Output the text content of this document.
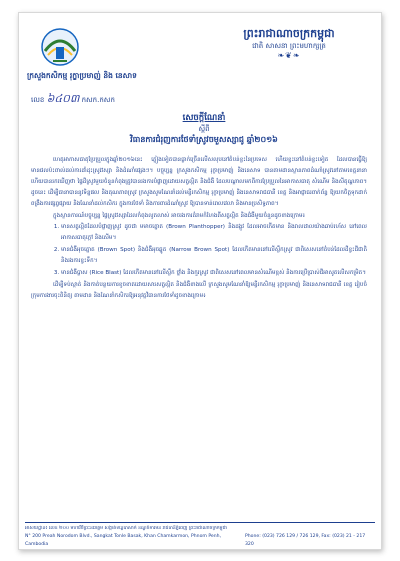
ព្រះរាជាណាចក្រកម្ពុជា
ជាតិ សាសនា ព្រះមហាក្សត្រ
❧❦❧
ក្រសួងកសិកម្ម រុក្ខាប្រមាញ់ និង នេសាទ
លេខ ៦៤០៣ កសក.កសក
សេចក្តីណែនាំ
ស្តីពី
វិធានការជំរុញការថែទាំស្រូវចមួសស្សាជូ ឆ្នាំ២០១៦

ហេតុអាកាសធាតុប្រែប្រួលក្នុងឆ្នាំ២០១៦នេះ ភ្លៀងទៀតបានធ្លាក់ច្រើនលើសលុបនៅតំបន់ខ្លះនៃប្រទេស ហើយខ្វះនៅតំបន់ខ្លះទៀត ដែលបានធ្វើឱ្យមានផលប៉ះពាល់ដល់ការដាំដុះស្រូវវស្សា និងដំណាំផ្សេងៗ។ បច្ចុប្បន្ន ក្រសួងកសិកម្ម រុក្ខាប្រមាញ់ និងនេសាទ បានតាមដានស្ថានភាពដំណាំស្រូវនៅតាមខេត្តនានា ហើយបានរកឃើញថា ផ្ទៃដីស្រូវមួយចំនួនកំពុងត្រូវបានរងការបំផ្លាញដោយសត្វល្អិត និងជំងឺ ដែលបណ្តាលមកពីការប្រែប្រួលនៃអាកាសធាតុ សំណើម និងសីតុណ្ហភាព។ ដូចនេះ ដើម្បីធានាបាននូវទិន្នផល និងគុណភាពស្រូវ ក្រសួងសូមណែនាំដល់មន្ទីរកសិកម្ម រុក្ខាប្រមាញ់ និងនេសាទរាជធានី ខេត្ត និងអាជ្ញាធរពាក់ព័ន្ធ ឱ្យយកចិត្តទុកដាក់ ពង្រឹងការផ្សព្វផ្សាយ និងណែនាំដល់កសិករ ក្នុងការថែទាំ និងការពារដំណាំស្រូវ ឱ្យបានទាន់ពេលវេលា និងមានប្រសិទ្ធភាព។

ក្នុងស្ថានការណ៍បច្ចុប្បន្ន ផ្ទៃស្រូវវស្សាដែលកំពុងលូតលាស់ អាចរងការគំរាមកំហែងពីសត្វល្អិត និងជំងឺមួយចំនួនដូចខាងក្រោម៖

1. មានសត្វល្អិតដែលបំផ្លាញស្រូវ ដូចជា មមាចត្នោត (Brown Planthopper) និងដង្កូវ ដែលអាចកើតមាន និងរាលដាលយ៉ាងឆាប់រហ័ស នៅពេលអាកាសធាតុក្តៅ និងសើម។
2. មានជំងឺអុចត្នោត (Brown Spot) និងជំងឺអុចឆ្នូត (Narrow Brown Spot) ដែលកើតមាននៅលើស្លឹកស្រូវ ជាពិសេសនៅតំបន់ដែលដីខ្វះជីជាតិ និងរងការខ្វះទឹក។
3. មានជំងឺប្លាស (Rice Blast) ដែលកើតមាននៅលើស្លឹក ថ្នាំង និងកួរស្រូវ ជាពិសេសនៅពេលមានសំណើមខ្ពស់ និងការប្រើប្រាស់ជីអាសូតលើសកម្រិត។

ដើម្បីទប់ស្កាត់ និងកាត់បន្ថយការខូចខាតដោយសារសត្វល្អិត និងជំងឺខាងលើ ក្រសួងសូមណែនាំឱ្យមន្ទីរកសិកម្ម រុក្ខាប្រមាញ់ និងនេសាទរាជធានី ខេត្ត រៀបចំក្រុមការងារចុះពិនិត្យ តាមដាន និងណែនាំកសិករឱ្យអនុវត្តវិធានការថែទាំដូចខាងក្រោម៖

អាសយដ្ឋាន៖ លេខ ២០០ មហាវិថីព្រះនរោត្តម សង្កាត់ទន្លេបាសាក់ ខណ្ឌចំការមន រាជធានីភ្នំពេញ ព្រះរាជាណាចក្រកម្ពុជា
N° 200 Preah Norodom Blvd., Sangkat Tonle Basak, Khan Chamkarmon, Phnom Penh, Cambodia
Phone: (023) 726 129 / 726 129, Fax: (023) 21 - 217 320
